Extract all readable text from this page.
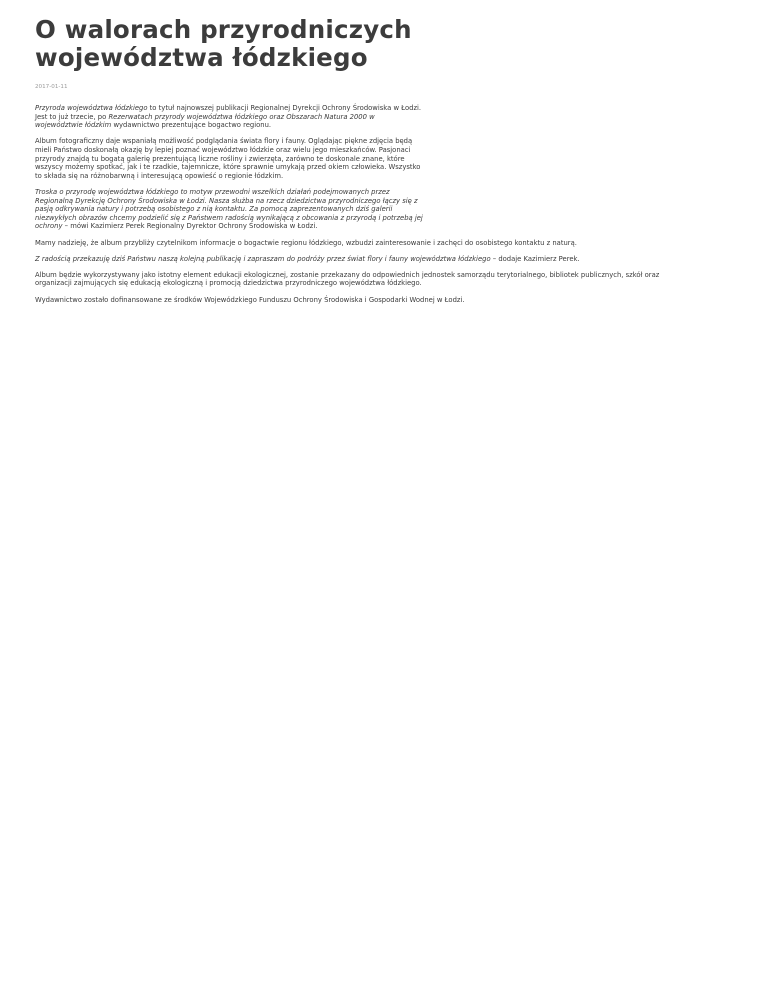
O walorach przyrodniczych województwa łódzkiego
2017-01-11

Przyroda województwa łódzkiego to tytuł najnowszej publikacji Regionalnej Dyrekcji Ochrony Środowiska w Łodzi. Jest to już trzecie, po Rezerwatach przyrody województwa łódzkiego oraz Obszarach Natura 2000 w województwie łódzkim wydawnictwo prezentujące bogactwo regionu.

Album fotograficzny daje wspaniałą możliwość podglądania świata flory i fauny. Oglądając piękne zdjęcia będą mieli Państwo doskonałą okazję by lepiej poznać województwo łódzkie oraz wielu jego mieszkańców. Pasjonaci przyrody znajdą tu bogatą galerię prezentującą liczne rośliny i zwierzęta, zarówno te doskonale znane, które wszyscy możemy spotkać, jak i te rzadkie, tajemnicze, które sprawnie umykają przed okiem człowieka. Wszystko to składa się na różnobarwną i interesującą opowieść o regionie łódzkim.

Troska o przyrodę województwa łódzkiego to motyw przewodni wszelkich działań podejmowanych przez Regionalną Dyrekcję Ochrony Środowiska w Łodzi. Nasza służba na rzecz dziedzictwa przyrodniczego łączy się z pasją odkrywania natury i potrzebą osobistego z nią kontaktu. Za pomocą zaprezentowanych dziś galerii niezwykłych obrazów chcemy podzielić się z Państwem radością wynikającą z obcowania z przyrodą i potrzebą jej ochrony – mówi Kazimierz Perek Regionalny Dyrektor Ochrony Środowiska w Łodzi.

Mamy nadzieję, że album przybliży czytelnikom informacje o bogactwie regionu łódzkiego, wzbudzi zainteresowanie i zachęci do osobistego kontaktu z naturą.

Z radością przekazuję dziś Państwu naszą kolejną publikację i zapraszam do podróży przez świat flory i fauny województwa łódzkiego – dodaje Kazimierz Perek.

Album będzie wykorzystywany jako istotny element edukacji ekologicznej, zostanie przekazany do odpowiednich jednostek samorządu terytorialnego, bibliotek publicznych, szkół oraz organizacji zajmujących się edukacją ekologiczną i promocją dziedzictwa przyrodniczego województwa łódzkiego.

Wydawnictwo zostało dofinansowane ze środków Wojewódzkiego Funduszu Ochrony Środowiska i Gospodarki Wodnej w Łodzi.
